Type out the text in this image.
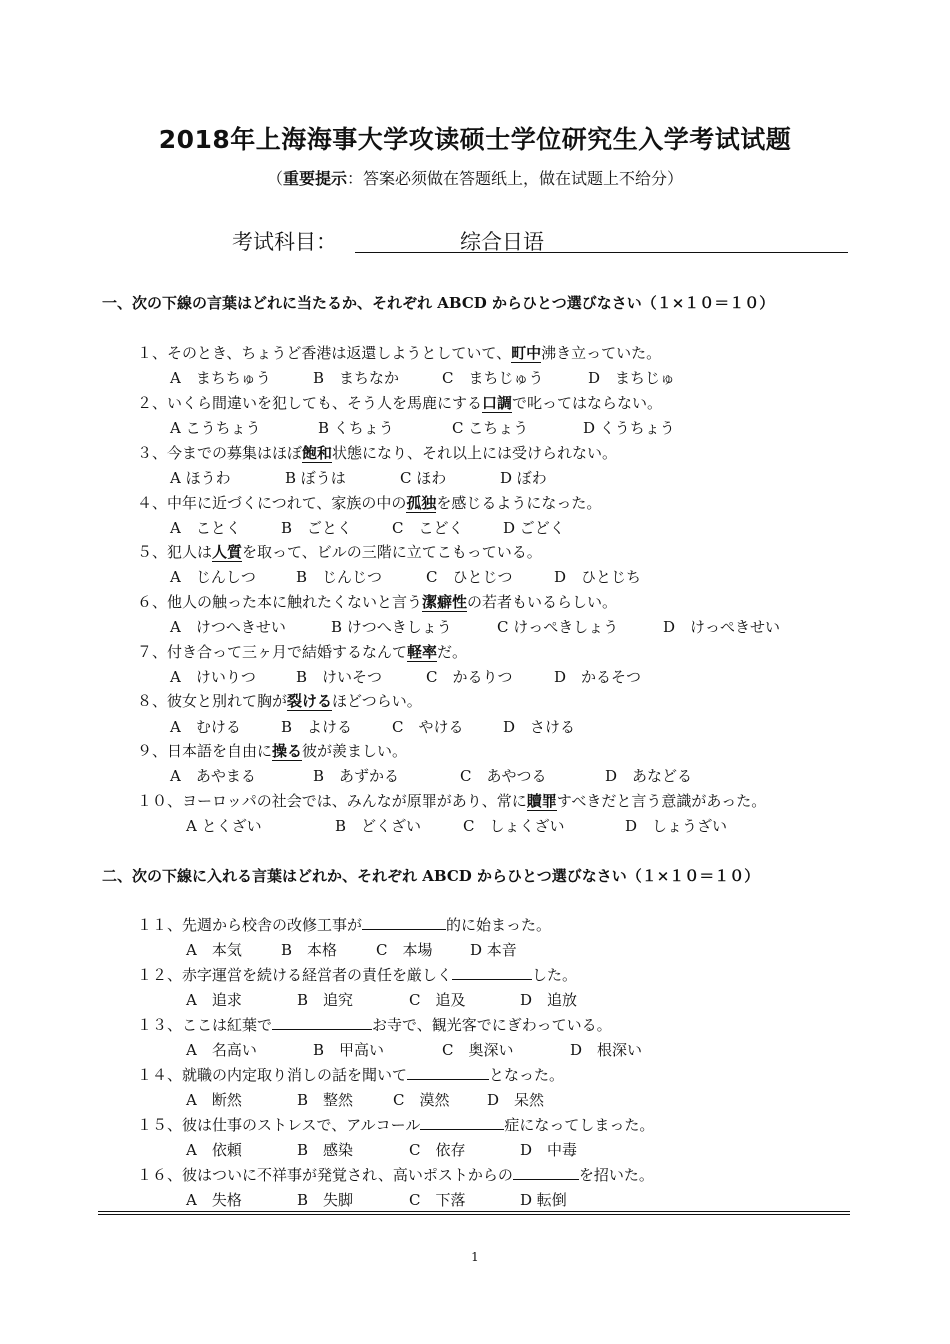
2018年上海海事大学攻读硕士学位研究生入学考试试题
（重要提示：答案必须做在答题纸上，做在试题上不给分）
考试科目：	综合日语
一、次の下線の言葉はどれに当たるか、それぞれ ABCD からひとつ選びなさい（１×１０＝１０）
１、そのとき、ちょうど香港は返還しようとしていて、町中沸き立っていた。
A　まちちゅう	B　まちなか	C　まちじゅう	D　まちじゅ
２、いくら間違いを犯しても、そう人を馬鹿にする口調で叱ってはならない。
A こうちょう	B くちょう	C こちょう	D くうちょう
３、今までの募集はほぼ飽和状態になり、それ以上には受けられない。
A ほうわ	B ぼうは	C ほわ	D ぼわ
４、中年に近づくにつれて、家族の中の孤独を感じるようになった。
A　ことく	B　ごとく	C　こどく	D ごどく
５、犯人は人質を取って、ビルの三階に立てこもっている。
A　じんしつ	B　じんじつ	C　ひとじつ	D　ひとじち
６、他人の触った本に触れたくないと言う潔癖性の若者もいるらしい。
A　けつへきせい	B けつへきしょう	C けっぺきしょう	D　けっぺきせい
７、付き合って三ヶ月で結婚するなんて軽率だ。
A　けいりつ	B　けいそつ	C　かるりつ	D　かるそつ
８、彼女と別れて胸が裂けるほどつらい。
A　むける	B　よける	C　やける	D　さける
９、日本語を自由に操る彼が羨ましい。
A　あやまる	B　あずかる	C　あやつる	D　あなどる
１０、ヨーロッパの社会では、みんなが原罪があり、常に贖罪すべきだと言う意識があった。
A とくざい	B　どくざい	C　しょくざい	D　しょうざい
二、次の下線に入れる言葉はどれか、それぞれ ABCD からひとつ選びなさい（１×１０＝１０）
１１、先週から校舎の改修工事が	的に始まった。
A　本気	B　本格	C　本場	D 本音
１２、赤字運営を続ける経営者の責任を厳しく	した。
A　追求	B　追究	C　追及	D　追放
１３、ここは紅葉で	お寺で、観光客でにぎわっている。
A　名高い	B　甲高い	C　奥深い	D　根深い
１４、就職の内定取り消しの話を聞いて	となった。
A　断然	B　整然	C　漠然	D　呆然
１５、彼は仕事のストレスで、アルコール	症になってしまった。
A　依頼	B　感染	C　依存	D　中毒
１６、彼はついに不祥事が発覚され、高いポストからの	を招いた。
A　失格	B　失脚	C　下落	D 転倒
1
